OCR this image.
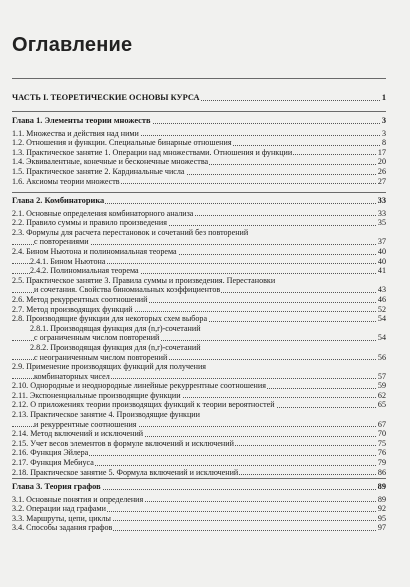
Оглавление
ЧАСТЬ I. ТЕОРЕТИЧЕСКИЕ ОСНОВЫ КУРСА	1
Глава 1. Элементы теории множеств	3
1.1. Множества и действия над ними	3
1.2. Отношения и функции. Специальные бинарные отношения	8
1.3. Практическое занятие 1. Операции над множествами. Отношения и функции	17
1.4. Эквивалентные, конечные и бесконечные множества	20
1.5. Практическое занятие 2. Кардинальные числа	26
1.6. Аксиомы теории множеств	27
Глава 2. Комбинаторика	33
2.1. Основные определения комбинаторного анализа	33
2.2. Правило суммы и правило произведения	35
2.3. Формулы для расчета перестановок и сочетаний без повторений
с повторениями	37
2.4. Бином Ньютона и полиномиальная теорема	40
2.4.1. Бином Ньютона	40
2.4.2. Полиномиальная теорема	41
2.5. Практическое занятие 3. Правила суммы и произведения. Перестановки
и сочетания. Свойства биномиальных коэффициентов	43
2.6. Метод рекуррентных соотношений	46
2.7. Метод производящих функций	52
2.8. Производящие функции для некоторых схем выбора	54
2.8.1. Производящая функция для (n,r)-сочетаний
с ограниченным числом повторений	54
2.8.2. Производящая функция для (n,r)-сочетаний
с неограниченным числом повторений	56
2.9. Применение производящих функций для получения
комбинаторных чисел	57
2.10. Однородные и неоднородные линейные рекуррентные соотношения	59
2.11. Экспоненциальные производящие функции	62
2.12. О приложениях теории производящих функций к теории вероятностей	65
2.13. Практическое занятие 4. Производящие функции
и рекуррентные соотношения	67
2.14. Метод включений и исключений	70
2.15. Учет весов элементов в формуле включений и исключений	75
2.16. Функция Эйлера	76
2.17. Функция Мебиуса	79
2.18. Практическое занятие 5. Формула включений и исключений	86
Глава 3. Теория графов	89
3.1. Основные понятия и определения	89
3.2. Операции над графами	92
3.3. Маршруты, цепи, циклы	95
3.4. Способы задания графов	97
